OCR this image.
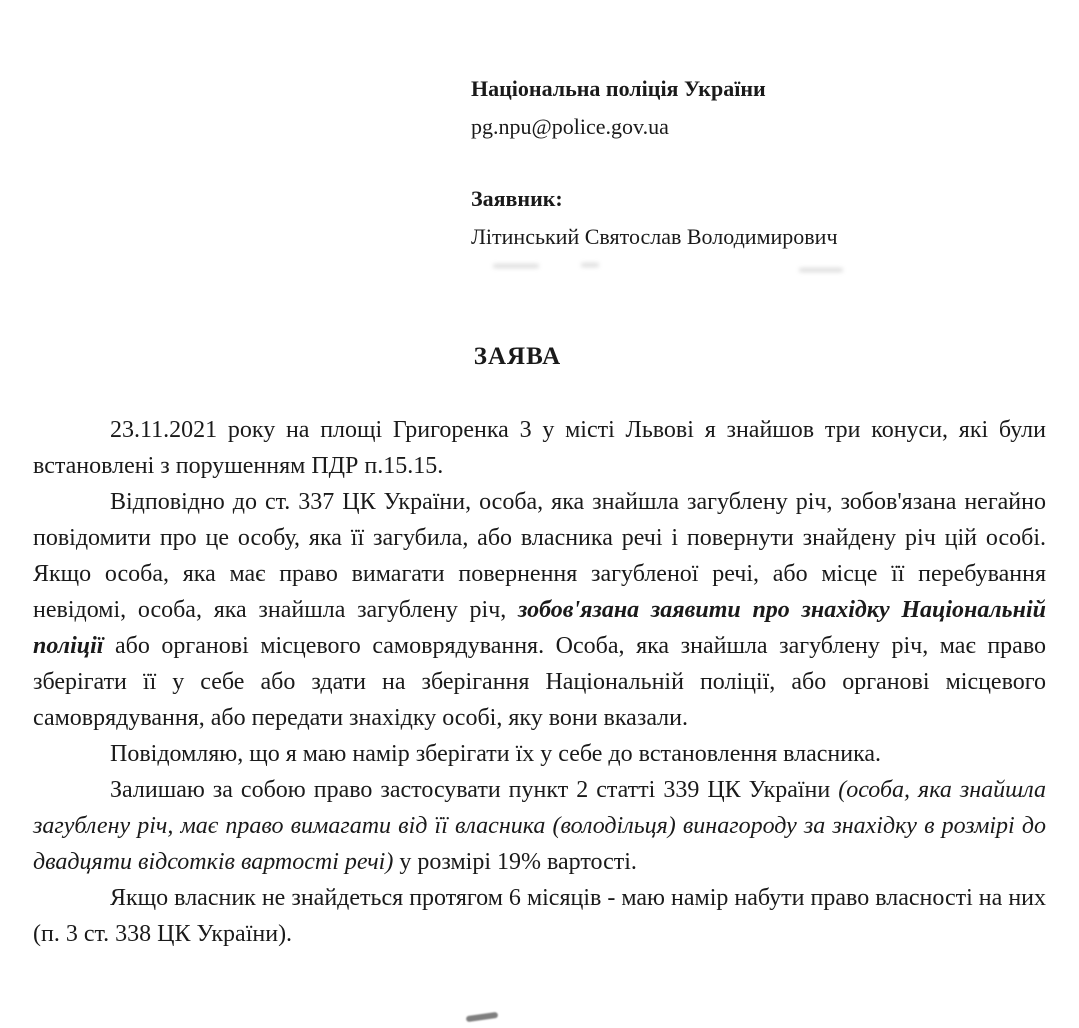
Національна поліція України
pg.npu@police.gov.ua
Заявник:
Літинський Святослав Володимирович
ЗАЯВА

23.11.2021 року на площі Григоренка 3 у місті Львові я знайшов три конуси, які були встановлені з порушенням ПДР п.15.15.

Відповідно до ст. 337 ЦК України, особа, яка знайшла загублену річ, зобов'язана негайно повідомити про це особу, яка її загубила, або власника речі і повернути знайдену річ цій особі. Якщо особа, яка має право вимагати повернення загубленої речі, або місце її перебування невідомі, особа, яка знайшла загублену річ, зобов'язана заявити про знахідку Національній поліції або органові місцевого самоврядування. Особа, яка знайшла загублену річ, має право зберігати її у себе або здати на зберігання Національній поліції, або органові місцевого самоврядування, або передати знахідку особі, яку вони вказали.

Повідомляю, що я маю намір зберігати їх у себе до встановлення власника.

Залишаю за собою право застосувати пункт 2 статті 339 ЦК України (особа, яка знайшла загублену річ, має право вимагати від її власника (володільця) винагороду за знахідку в розмірі до двадцяти відсотків вартості речі) у розмірі 19% вартості.

Якщо власник не знайдеться протягом 6 місяців - маю намір набути право власності на них (п. 3 ст. 338 ЦК України).
